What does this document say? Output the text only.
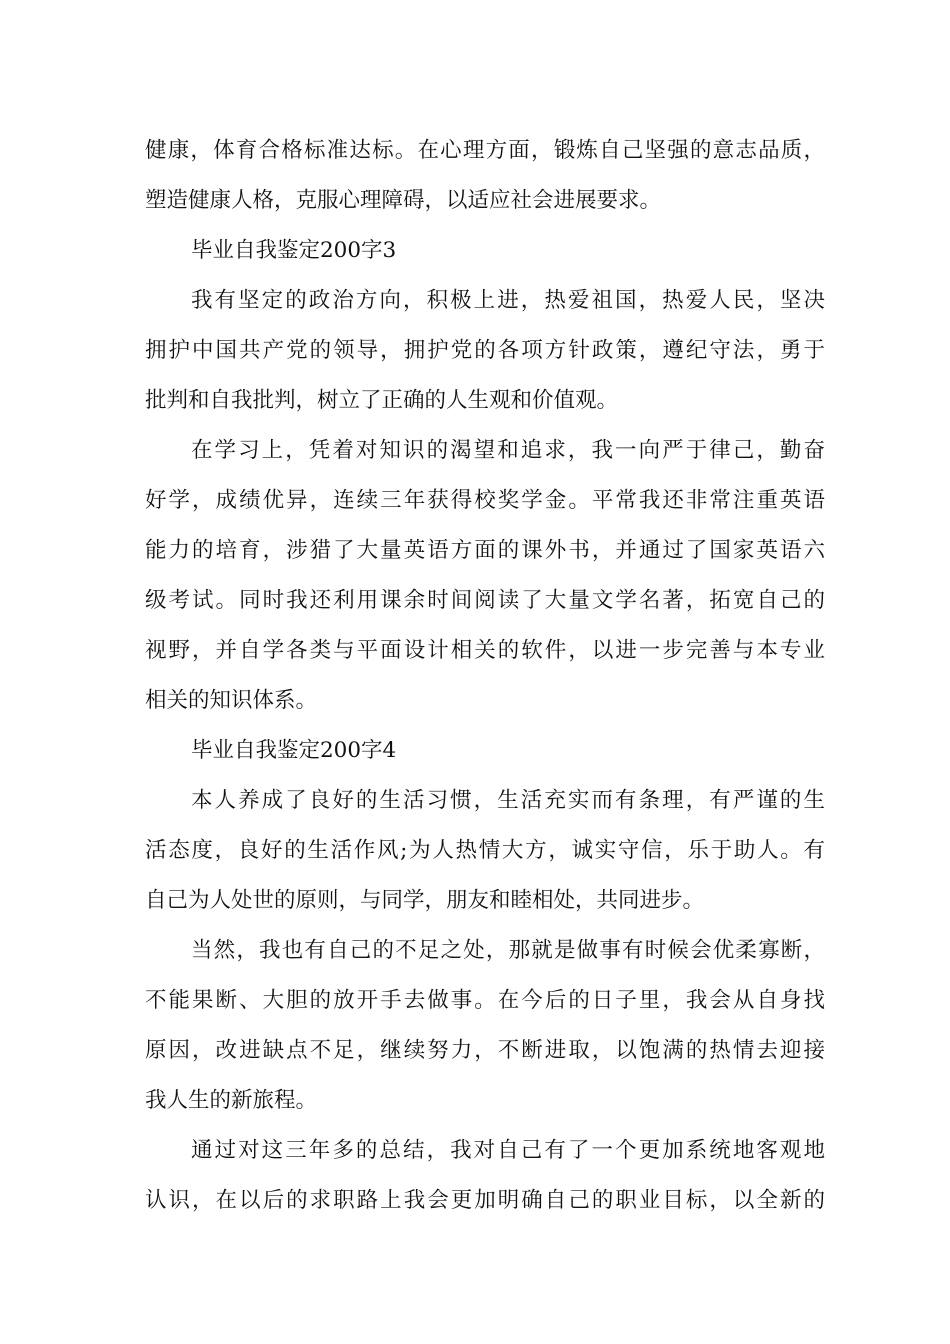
健康，体育合格标准达标。在心理方面，锻炼自己坚强的意志品质，
塑造健康人格，克服心理障碍，以适应社会进展要求。
毕业自我鉴定200字3
我有坚定的政治方向，积极上进，热爱祖国，热爱人民，坚决
拥护中国共产党的领导，拥护党的各项方针政策，遵纪守法，勇于
批判和自我批判，树立了正确的人生观和价值观。
在学习上，凭着对知识的渴望和追求，我一向严于律己，勤奋
好学，成绩优异，连续三年获得校奖学金。平常我还非常注重英语
能力的培育，涉猎了大量英语方面的课外书，并通过了国家英语六
级考试。同时我还利用课余时间阅读了大量文学名著，拓宽自己的
视野，并自学各类与平面设计相关的软件，以进一步完善与本专业
相关的知识体系。
毕业自我鉴定200字4
本人养成了良好的生活习惯，生活充实而有条理，有严谨的生
活态度，良好的生活作风;为人热情大方，诚实守信，乐于助人。有
自己为人处世的原则，与同学，朋友和睦相处，共同进步。
当然，我也有自己的不足之处，那就是做事有时候会优柔寡断，
不能果断、大胆的放开手去做事。在今后的日子里，我会从自身找
原因，改进缺点不足，继续努力，不断进取，以饱满的热情去迎接
我人生的新旅程。
通过对这三年多的总结，我对自己有了一个更加系统地客观地
认识，在以后的求职路上我会更加明确自己的职业目标，以全新的
